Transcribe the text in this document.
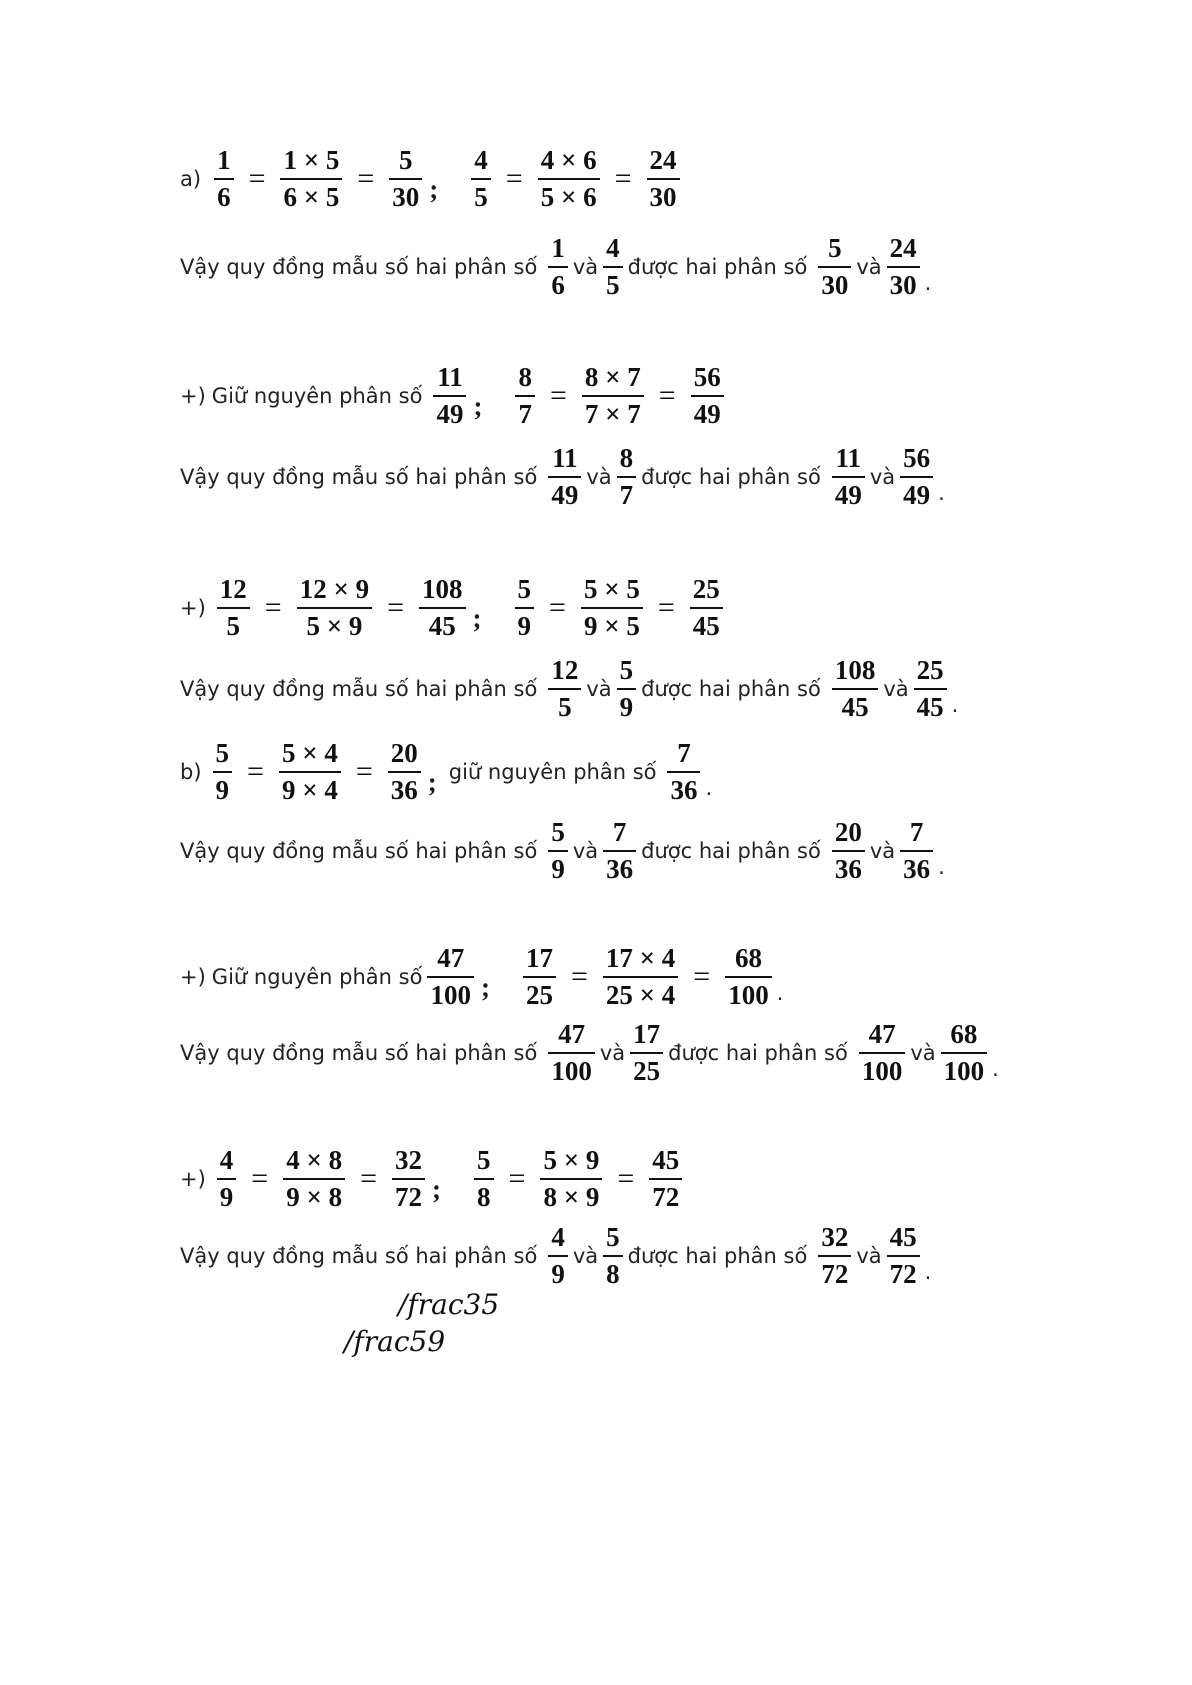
$a) \frac{1}{6} = \frac{1 \times 5}{6 \times 5} = \frac{5}{30}$ ; $\frac{4}{5} = \frac{4 \times 6}{5 \times 6} = \frac{24}{30}$
Vậy quy đồng mẫu số hai phân số $\frac{1}{6}$ và $\frac{4}{5}$ được hai phân số $\frac{5}{30}$ và $\frac{24}{30}$ .
+) Giữ nguyên phân số $\frac{11}{49}$ ; $\frac{8}{7} = \frac{8 \times 7}{7 \times 7} = \frac{56}{49}$
Vậy quy đồng mẫu số hai phân số $\frac{11}{49}$ và $\frac{8}{7}$ được hai phân số $\frac{11}{49}$ và $\frac{56}{49}$ .
+) $\frac{12}{5} = \frac{12 \times 9}{5 \times 9} = \frac{108}{45}$ ; $\frac{5}{9} = \frac{5 \times 5}{9 \times 5} = \frac{25}{45}$
Vậy quy đồng mẫu số hai phân số $\frac{12}{5}$ và $\frac{5}{9}$ được hai phân số $\frac{108}{45}$ và $\frac{25}{45}$ .
$b) \frac{5}{9} = \frac{5 \times 4}{9 \times 4} = \frac{20}{36}$ ; giữ nguyên phân số $\frac{7}{36}$ .
Vậy quy đồng mẫu số hai phân số $\frac{5}{9}$ và $\frac{7}{36}$ được hai phân số $\frac{20}{36}$ và $\frac{7}{36}$ .
+) Giữ nguyên phân số $\frac{47}{100}$ ; $\frac{17}{25} = \frac{17 \times 4}{25 \times 4} = \frac{68}{100}$ .
Vậy quy đồng mẫu số hai phân số $\frac{47}{100}$ và $\frac{17}{25}$ được hai phân số $\frac{47}{100}$ và $\frac{68}{100}$ .
+) $\frac{4}{9} = \frac{4 \times 8}{9 \times 8} = \frac{32}{72}$ ; $\frac{5}{8} = \frac{5 \times 9}{8 \times 9} = \frac{45}{72}$
Vậy quy đồng mẫu số hai phân số $\frac{4}{9}$ và $\frac{5}{8}$ được hai phân số $\frac{32}{72}$ và $\frac{45}{72}$ .
/frac35
/frac59
